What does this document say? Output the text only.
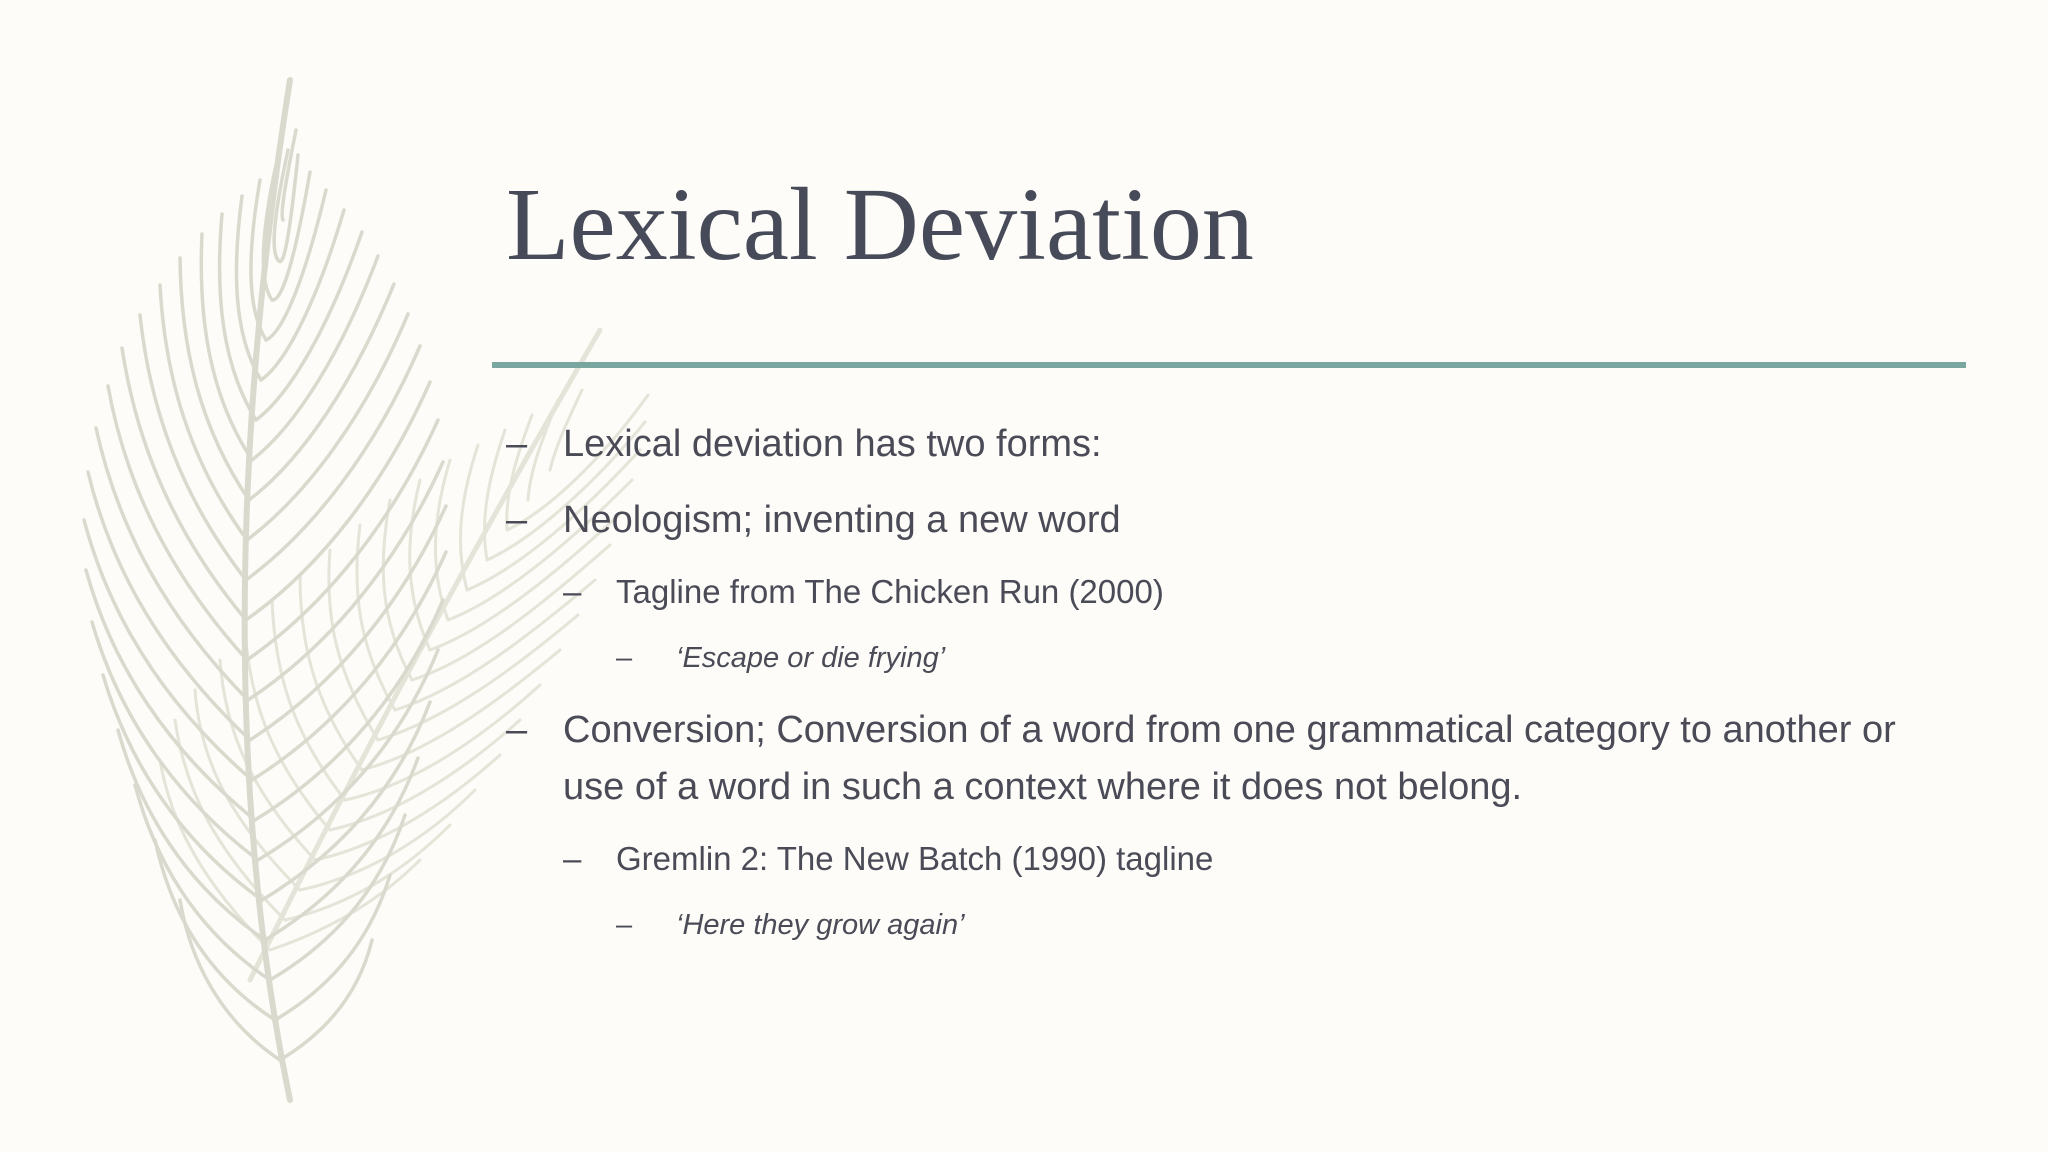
Lexical Deviation
– Lexical deviation has two forms:
– Neologism; inventing a new word
–	Tagline from The Chicken Run (2000)
–	‘Escape or die frying’
– Conversion; Conversion of a word from one grammatical category to another or use of a word in such a context where it does not belong.
–	Gremlin 2: The New Batch (1990) tagline
–	‘Here they grow again’
